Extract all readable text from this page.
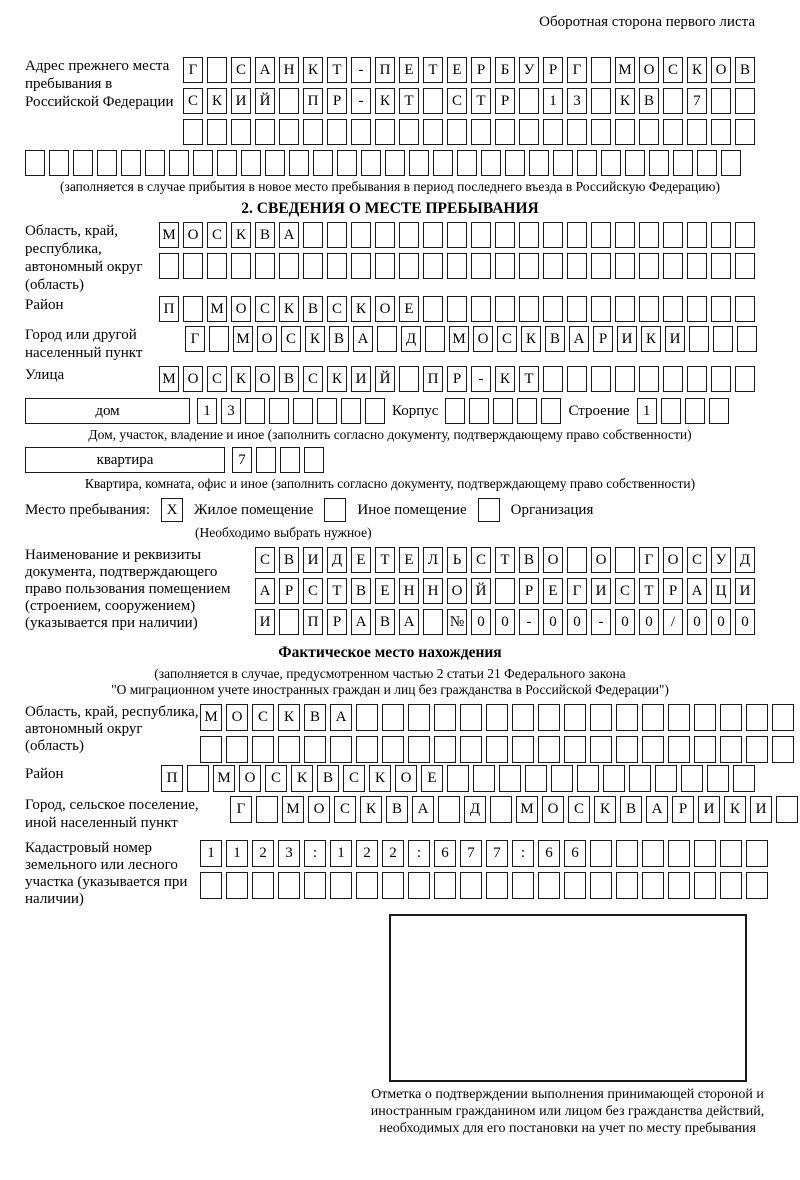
Оборотная сторона первого листа
Адрес прежнего места пребывания в Российской Федерации
Г	С А Н К Т	-	П Е Т Е	Р	Б У Р	Г	М О С К О В
С К И Й	П Р	-	К Т	С Т	Р	1	3	К В	7
(заполняется в случае прибытия в новое место пребывания в период последнего въезда в Российскую Федерацию)
2. СВЕДЕНИЯ О МЕСТЕ ПРЕБЫВАНИЯ
Область, край, республика, автономный округ (область)
М О С К В А
Район	П	М О С К В С К О Е
Город или другой населенный пункт
Г	М О С К В А	Д	М О С К В А Р И К И
Улица	М О С К О В С К И Й	П Р	-	К Т
дом	1	3	Корпус	Строение 1
Дом, участок, владение и иное (заполнить согласно документу, подтверждающему право собственности)
квартира	7
Квартира, комната, офис и иное (заполнить согласно документу, подтверждающему право собственности)
Место пребывания:	X	Жилое помещение	Иное помещение	Организация
(Необходимо выбрать нужное)
Наименование и реквизиты документа, подтверждающего право пользования помещением (строением, сооружением) (указывается при наличии)
С В И Д Е Т Е Л Ь С Т В О	О	Г О С У Д
А Р С Т В Е Н Н О Й	Р	Е	Г И С Т	Р А Ц И
И	П Р А В А	№ 0	0	-	0	0	-	0	0	/	0	0	0
Фактическое место нахождения
(заполняется в случае, предусмотренном частью 2 статьи 21 Федерального закона
"О миграционном учете иностранных граждан и лиц без гражданства в Российской Федерации")
Область, край, республика, автономный округ (область)
М О	С	К	В	А
Район	П	М О	С	К	В	С	К	О	Е
Город, сельское поселение, иной населенный пункт
Г	М О	С	К	В	А	Д	М О	С	К	В	А	Р	И	К	И
Кадастровый номер земельного или лесного участка (указывается при наличии)
1	1	2	3	:	1	2	2	:	6	7	7	:	6	6
Отметка о подтверждении выполнения принимающей стороной и иностранным гражданином или лицом без гражданства действий, необходимых для его постановки на учет по месту пребывания
